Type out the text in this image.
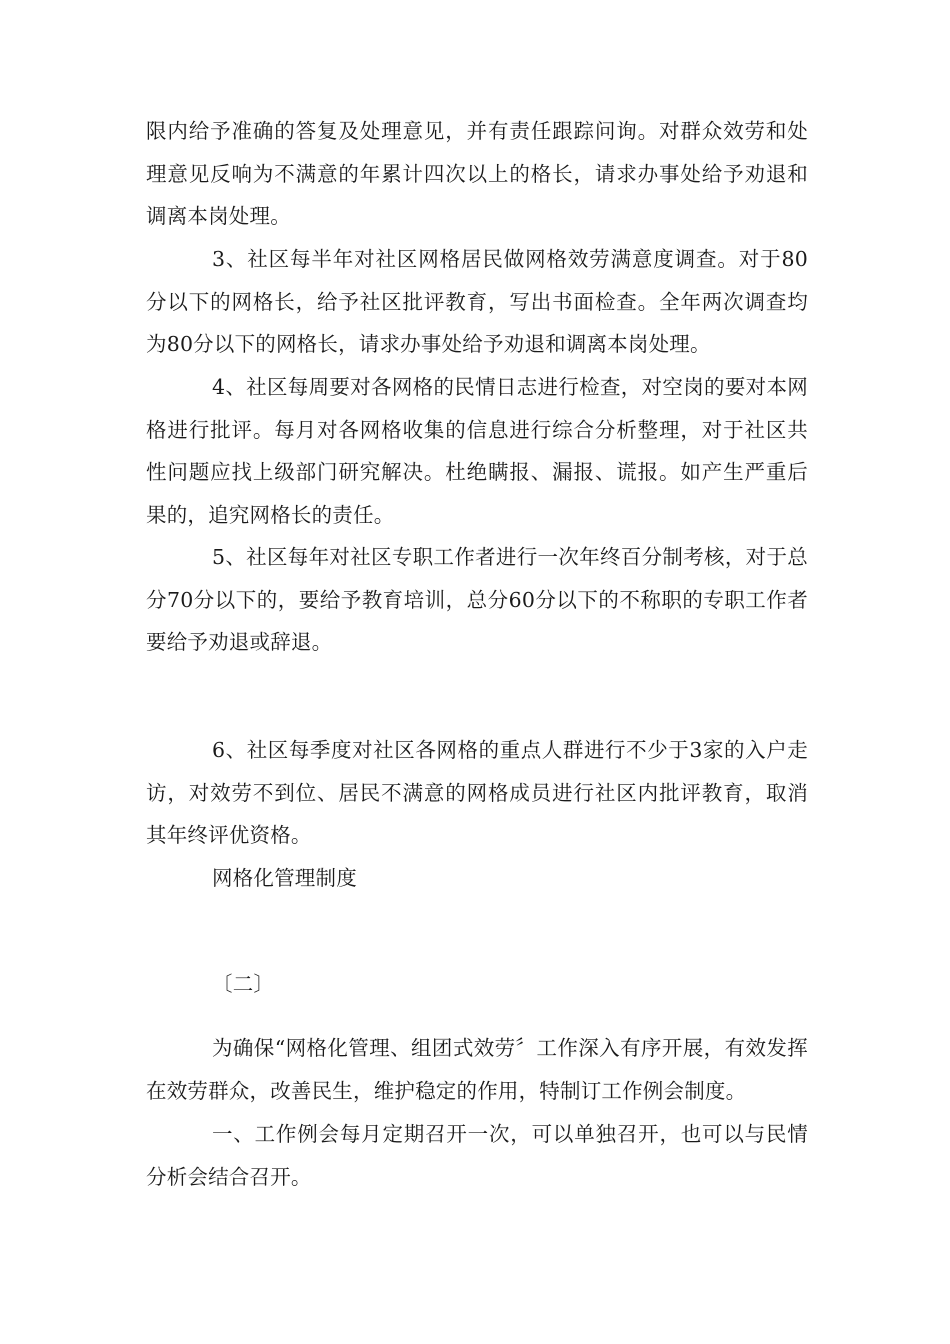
限内给予准确的答复及处理意见，并有责任跟踪问询。对群众效劳和处理意见反响为不满意的年累计四次以上的格长，请求办事处给予劝退和调离本岗处理。

3、社区每半年对社区网格居民做网格效劳满意度调查。对于80分以下的网格长，给予社区批评教育，写出书面检查。全年两次调查均为80分以下的网格长，请求办事处给予劝退和调离本岗处理。

4、社区每周要对各网格的民情日志进行检查，对空岗的要对本网格进行批评。每月对各网格收集的信息进行综合分析整理，对于社区共性问题应找上级部门研究解决。杜绝瞒报、漏报、谎报。如产生严重后果的，追究网格长的责任。

5、社区每年对社区专职工作者进行一次年终百分制考核，对于总分70分以下的，要给予教育培训，总分60分以下的不称职的专职工作者要给予劝退或辞退。

6、社区每季度对社区各网格的重点人群进行不少于3家的入户走访，对效劳不到位、居民不满意的网格成员进行社区内批评教育，取消其年终评优资格。

网格化管理制度

〔二〕

为确保“网格化管理、组团式效劳〞工作深入有序开展，有效发挥在效劳群众，改善民生，维护稳定的作用，特制订工作例会制度。

一、工作例会每月定期召开一次，可以单独召开，也可以与民情分析会结合召开。
